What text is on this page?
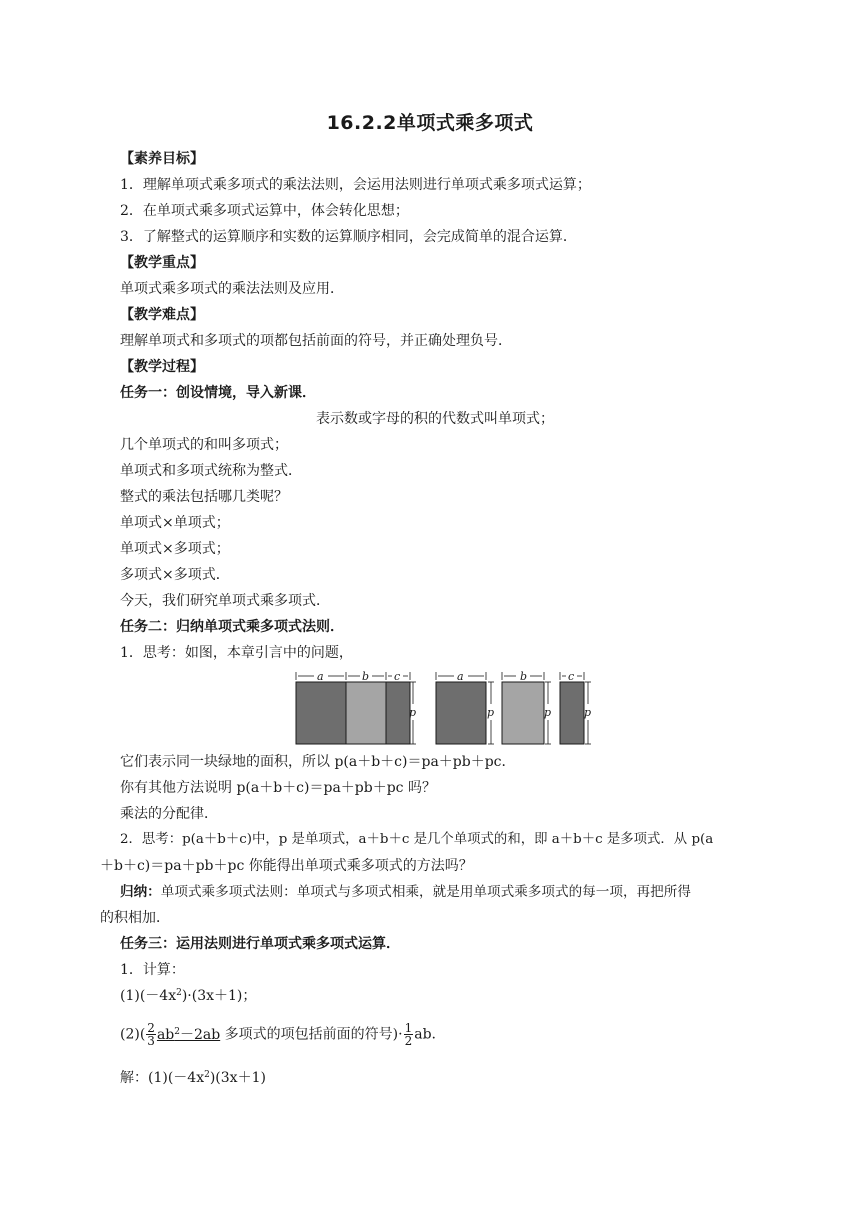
16.2.2单项式乘多项式
【素养目标】
1．理解单项式乘多项式的乘法法则，会运用法则进行单项式乘多项式运算；
2．在单项式乘多项式运算中，体会转化思想；
3．了解整式的运算顺序和实数的运算顺序相同，会完成简单的混合运算．
【教学重点】
单项式乘多项式的乘法法则及应用．
【教学难点】
理解单项式和多项式的项都包括前面的符号，并正确处理负号．
【教学过程】
任务一：创设情境，导入新课．
表示数或字母的积的代数式叫单项式；
几个单项式的和叫多项式；
单项式和多项式统称为整式．
整式的乘法包括哪几类呢？
单项式×单项式；
单项式×多项式；
多项式×多项式．
今天，我们研究单项式乘多项式．
任务二：归纳单项式乘多项式法则．
1．思考：如图，本章引言中的问题，
a	b c
p
a
p
b
p
c
p
它们表示同一块绿地的面积，所以 p(a＋b＋c)＝pa＋pb＋pc．
你有其他方法说明 p(a＋b＋c)＝pa＋pb＋pc 吗？
乘法的分配律．
2．思考：p(a＋b＋c)中，p 是单项式，a＋b＋c 是几个单项式的和，即 a＋b＋c 是多项式．从 p(a
＋b＋c)＝pa＋pb＋pc 你能得出单项式乘多项式的方法吗？
归纳：单项式乘多项式法则：单项式与多项式相乘，就是用单项式乘多项式的每一项，再把所得
的积相加．
任务三：运用法则进行单项式乘多项式运算．
1．计算：
$(1)(-4x^2)\cdot(3x+1)$；
$(2)( \frac{2}{3} ab^2-2ab$ 多项式的项包括前面的符号)· $\frac{1}{2}$ ab.
解：$(1)(-4x^2)(3x+1)$
